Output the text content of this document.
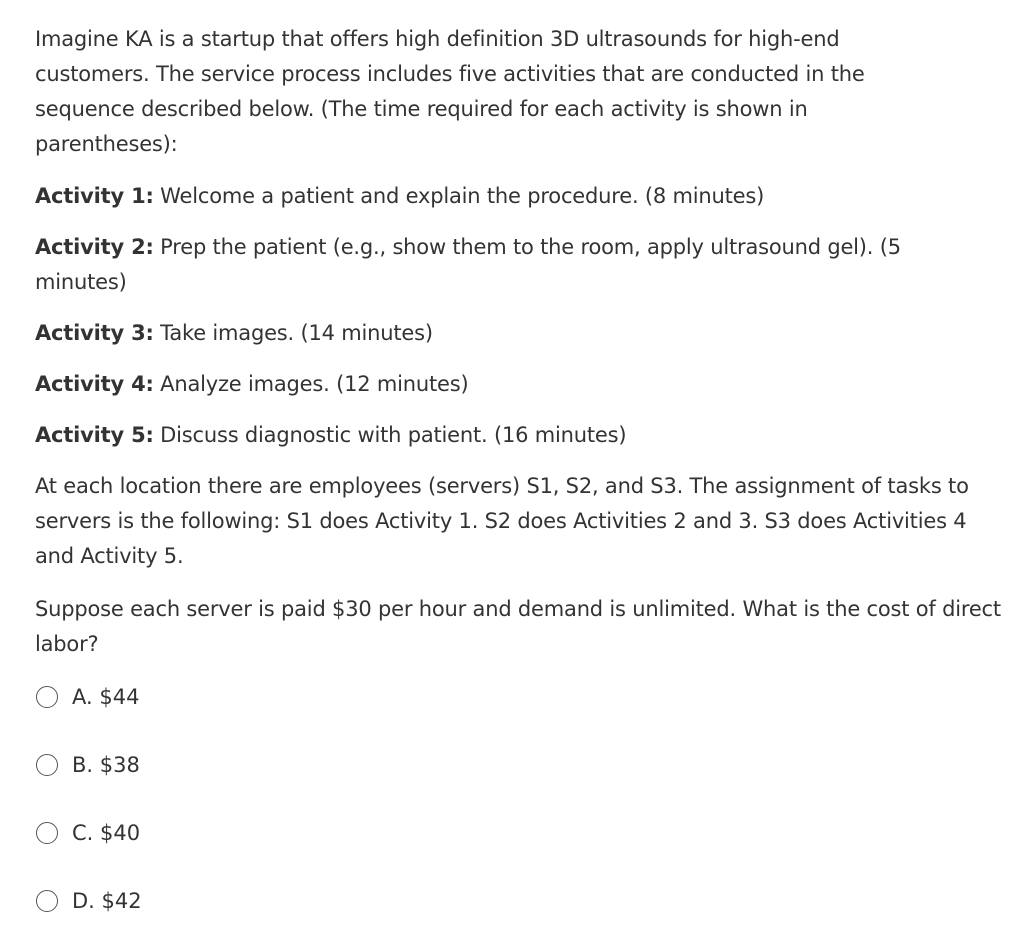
Imagine KA is a startup that offers high definition 3D ultrasounds for high-end customers. The service process includes five activities that are conducted in the sequence described below. (The time required for each activity is shown in parentheses):

Activity 1: Welcome a patient and explain the procedure. (8 minutes)

Activity 2: Prep the patient (e.g., show them to the room, apply ultrasound gel). (5 minutes)

Activity 3: Take images. (14 minutes)

Activity 4: Analyze images. (12 minutes)

Activity 5: Discuss diagnostic with patient. (16 minutes)

At each location there are employees (servers) S1, S2, and S3. The assignment of tasks to servers is the following: S1 does Activity 1. S2 does Activities 2 and 3. S3 does Activities 4 and Activity 5.

Suppose each server is paid $30 per hour and demand is unlimited. What is the cost of direct labor?

A. $44
B. $38
C. $40
D. $42
